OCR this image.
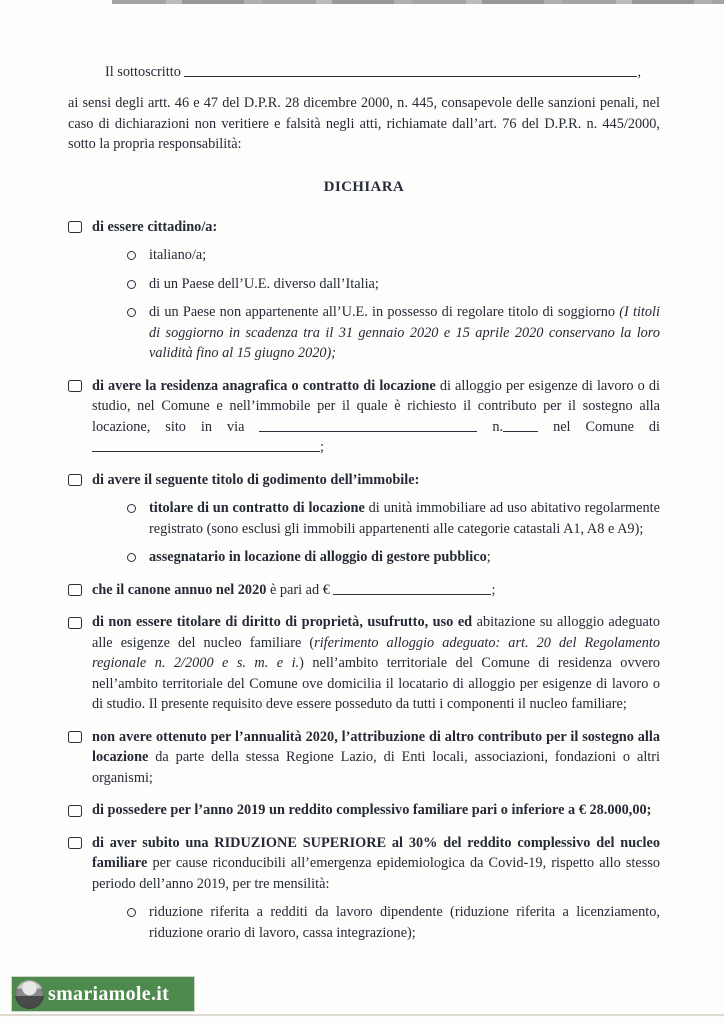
Il sottoscritto	,

ai sensi degli artt. 46 e 47 del D.P.R. 28 dicembre 2000, n. 445, consapevole delle sanzioni penali, nel caso di dichiarazioni non veritiere e falsità negli atti, richiamate dall’art. 76 del D.P.R. n. 445/2000, sotto la propria responsabilità:

DICHIARA

di essere cittadino/a:

italiano/a;

di un Paese dell’U.E. diverso dall’Italia;

di un Paese non appartenente all’U.E. in possesso di regolare titolo di soggiorno (I titoli di soggiorno in scadenza tra il 31 gennaio 2020 e 15 aprile 2020 conservano la loro validità fino al 15 giugno 2020);

di avere la residenza anagrafica o contratto di locazione di alloggio per esigenze di lavoro o di studio, nel Comune e nell’immobile per il quale è richiesto il contributo per il sostegno alla locazione, sito in via	n. nel Comune di ;

di avere il seguente titolo di godimento dell’immobile:

titolare di un contratto di locazione di unità immobiliare ad uso abitativo regolarmente registrato (sono esclusi gli immobili appartenenti alle categorie catastali A1, A8 e A9);

assegnatario in locazione di alloggio di gestore pubblico;

che il canone annuo nel 2020 è pari ad €	;

di non essere titolare di diritto di proprietà, usufrutto, uso ed abitazione su alloggio adeguato alle esigenze del nucleo familiare (riferimento alloggio adeguato: art. 20 del Regolamento regionale n. 2/2000 e s. m. e i.) nell’ambito territoriale del Comune di residenza ovvero nell’ambito territoriale del Comune ove domicilia il locatario di alloggio per esigenze di lavoro o di studio. Il presente requisito deve essere posseduto da tutti i componenti il nucleo familiare;

non avere ottenuto per l’annualità 2020, l’attribuzione di altro contributo per il sostegno alla locazione da parte della stessa Regione Lazio, di Enti locali, associazioni, fondazioni o altri organismi;

di possedere per l’anno 2019 un reddito complessivo familiare pari o inferiore a € 28.000,00;

di aver subito una RIDUZIONE SUPERIORE al 30% del reddito complessivo del nucleo familiare per cause riconducibili all’emergenza epidemiologica da Covid-19, rispetto allo stesso periodo dell’anno 2019, per tre mensilità:

riduzione riferita a redditi da lavoro dipendente (riduzione riferita a licenziamento, riduzione orario di lavoro, cassa integrazione);

smariamole.it
